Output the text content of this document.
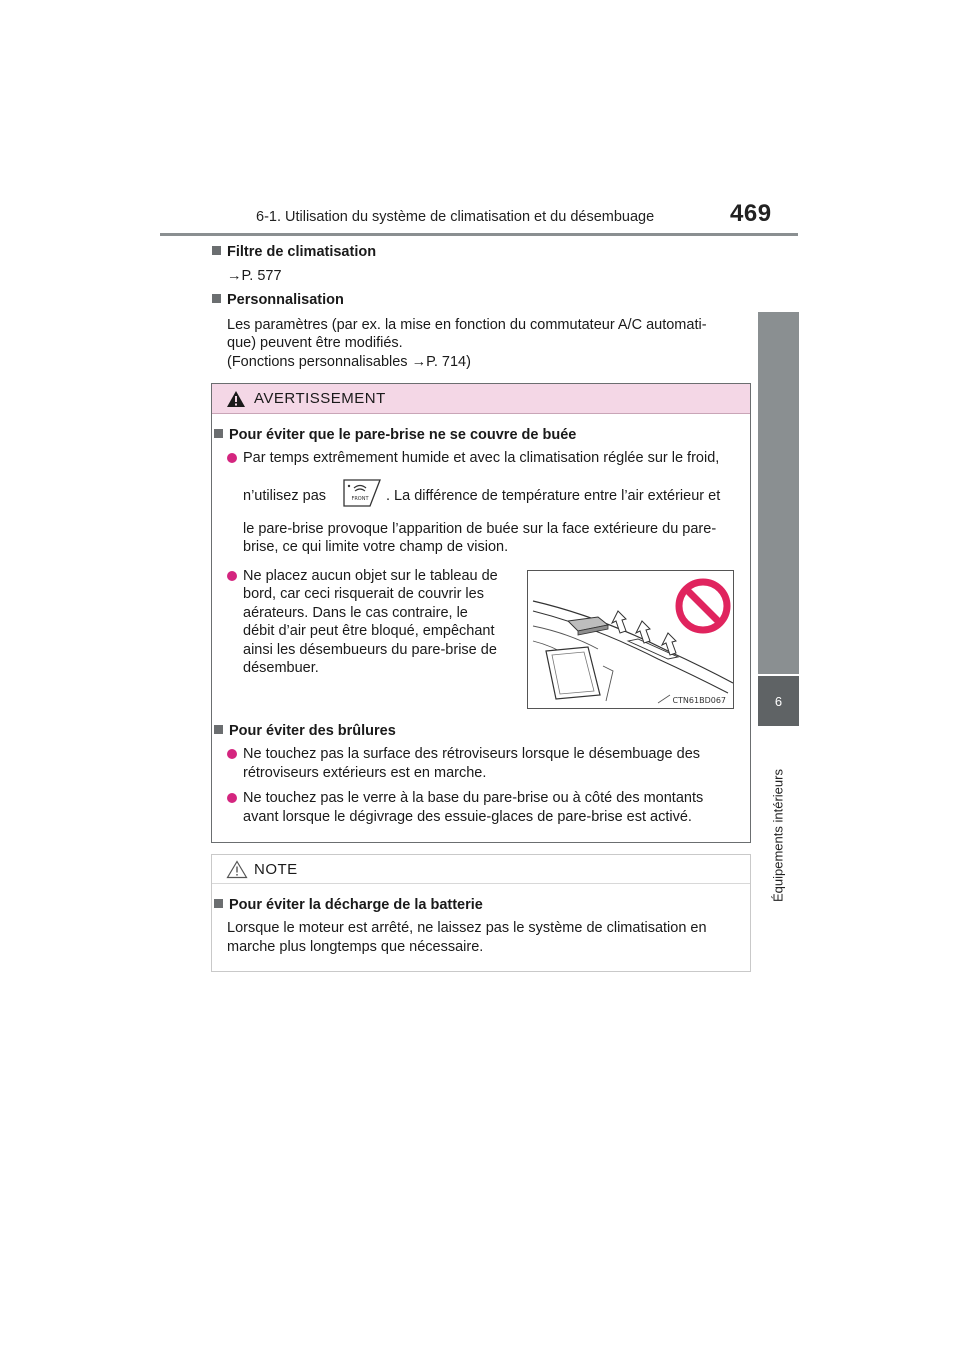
6-1. Utilisation du système de climatisation et du désembuage	469
6
Équipements intérieurs
Filtre de climatisation
→P. 577
Personnalisation
Les paramètres (par ex. la mise en fonction du commutateur A/C automati-
que) peuvent être modifiés.
(Fonctions personnalisables →P. 714)
AVERTISSEMENT
Pour éviter que le pare-brise ne se couvre de buée
Par temps extrêmement humide et avec la climatisation réglée sur le froid,
n’utilisez pas	FRONT . La différence de température entre l’air extérieur et
le pare-brise provoque l’apparition de buée sur la face extérieure du pare-
brise, ce qui limite votre champ de vision.
Ne placez aucun objet sur le tableau de
bord, car ceci risquerait de couvrir les
aérateurs. Dans le cas contraire, le
débit d’air peut être bloqué, empêchant
ainsi les désembueurs du pare-brise de
désembuer.
CTN61BD067
Pour éviter des brûlures
Ne touchez pas la surface des rétroviseurs lorsque le désembuage des
rétroviseurs extérieurs est en marche.
Ne touchez pas le verre à la base du pare-brise ou à côté des montants
avant lorsque le dégivrage des essuie-glaces de pare-brise est activé.
NOTE
Pour éviter la décharge de la batterie
Lorsque le moteur est arrêté, ne laissez pas le système de climatisation en
marche plus longtemps que nécessaire.
